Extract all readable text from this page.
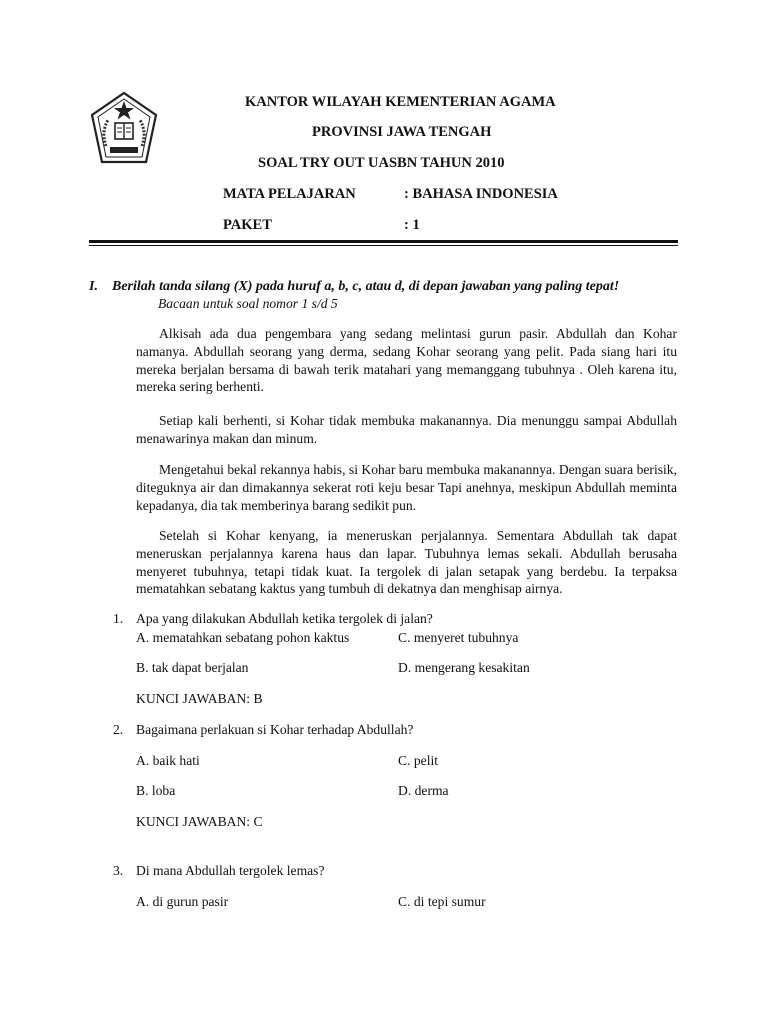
KANTOR WILAYAH KEMENTERIAN AGAMA
PROVINSI JAWA TENGAH
SOAL TRY OUT UASBN TAHUN 2010
MATA PELAJARAN	: BAHASA INDONESIA
PAKET	: 1
I. Berilah tanda silang (X) pada huruf a, b, c, atau d, di depan jawaban yang paling tepat!
Bacaan untuk soal nomor 1 s/d 5
Alkisah ada dua pengembara yang sedang melintasi gurun pasir. Abdullah dan Kohar namanya. Abdullah seorang yang derma, sedang Kohar seorang yang pelit. Pada siang hari itu mereka berjalan bersama di bawah terik matahari yang memanggang tubuhnya . Oleh karena itu, mereka sering berhenti.
Setiap kali berhenti, si Kohar tidak membuka makanannya. Dia menunggu sampai Abdullah menawarinya makan dan minum.
Mengetahui bekal rekannya habis, si Kohar baru membuka makanannya. Dengan suara berisik, diteguknya air dan dimakannya sekerat roti keju besar Tapi anehnya, meskipun Abdullah meminta kepadanya, dia tak memberinya barang sedikit pun.
Setelah si Kohar kenyang, ia meneruskan perjalannya. Sementara Abdullah tak dapat meneruskan perjalannya karena haus dan lapar. Tubuhnya lemas sekali. Abdullah berusaha menyeret tubuhnya, tetapi tidak kuat. Ia tergolek di jalan setapak yang berdebu. Ia terpaksa mematahkan sebatang kaktus yang tumbuh di dekatnya dan menghisap airnya.
1. Apa yang dilakukan Abdullah ketika tergolek di jalan?
A. mematahkan sebatang pohon kaktus	C. menyeret tubuhnya
B. tak dapat berjalan	D. mengerang kesakitan
KUNCI JAWABAN: B
2. Bagaimana perlakuan si Kohar terhadap Abdullah?
A. baik hati	C. pelit
B. loba	D. derma
KUNCI JAWABAN: C
3. Di mana Abdullah tergolek lemas?
A. di gurun pasir	C. di tepi sumur
